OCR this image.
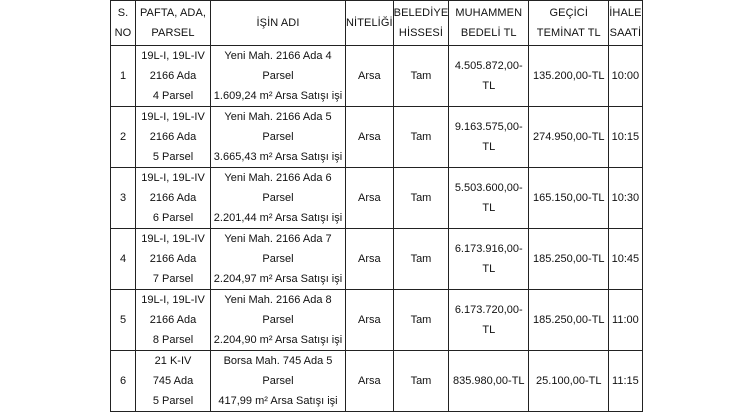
S.
NO	PAFTA, ADA,
PARSEL	İŞİN ADI	NİTELİĞİ	BELEDİYE
HİSSESİ	MUHAMMEN
BEDELİ TL	GEÇİCİ
TEMİNAT TL	İHALE
SAATİ

1	19L-I, 19L-IV
2166 Ada
4 Parsel	Yeni Mah. 2166 Ada 4 Parsel
1.609,24 m² Arsa Satışı işi	Arsa	Tam	4.505.872,00-TL	135.200,00-TL	10:00
2	19L-I, 19L-IV
2166 Ada
5 Parsel	Yeni Mah. 2166 Ada 5 Parsel
3.665,43 m² Arsa Satışı işi	Arsa	Tam	9.163.575,00-TL	274.950,00-TL	10:15
3	19L-I, 19L-IV
2166 Ada
6 Parsel	Yeni Mah. 2166 Ada 6 Parsel
2.201,44 m² Arsa Satışı işi	Arsa	Tam	5.503.600,00-TL	165.150,00-TL	10:30
4	19L-I, 19L-IV
2166 Ada
7 Parsel	Yeni Mah. 2166 Ada 7 Parsel
2.204,97 m² Arsa Satışı işi	Arsa	Tam	6.173.916,00-TL	185.250,00-TL	10:45
5	19L-I, 19L-IV
2166 Ada
8 Parsel	Yeni Mah. 2166 Ada 8 Parsel
2.204,90 m² Arsa Satışı işi	Arsa	Tam	6.173.720,00-TL	185.250,00-TL	11:00
6	21 K-IV
745 Ada
5 Parsel	Borsa Mah. 745 Ada 5 Parsel
417,99 m² Arsa Satışı işi	Arsa	Tam	835.980,00-TL	25.100,00-TL	11:15
